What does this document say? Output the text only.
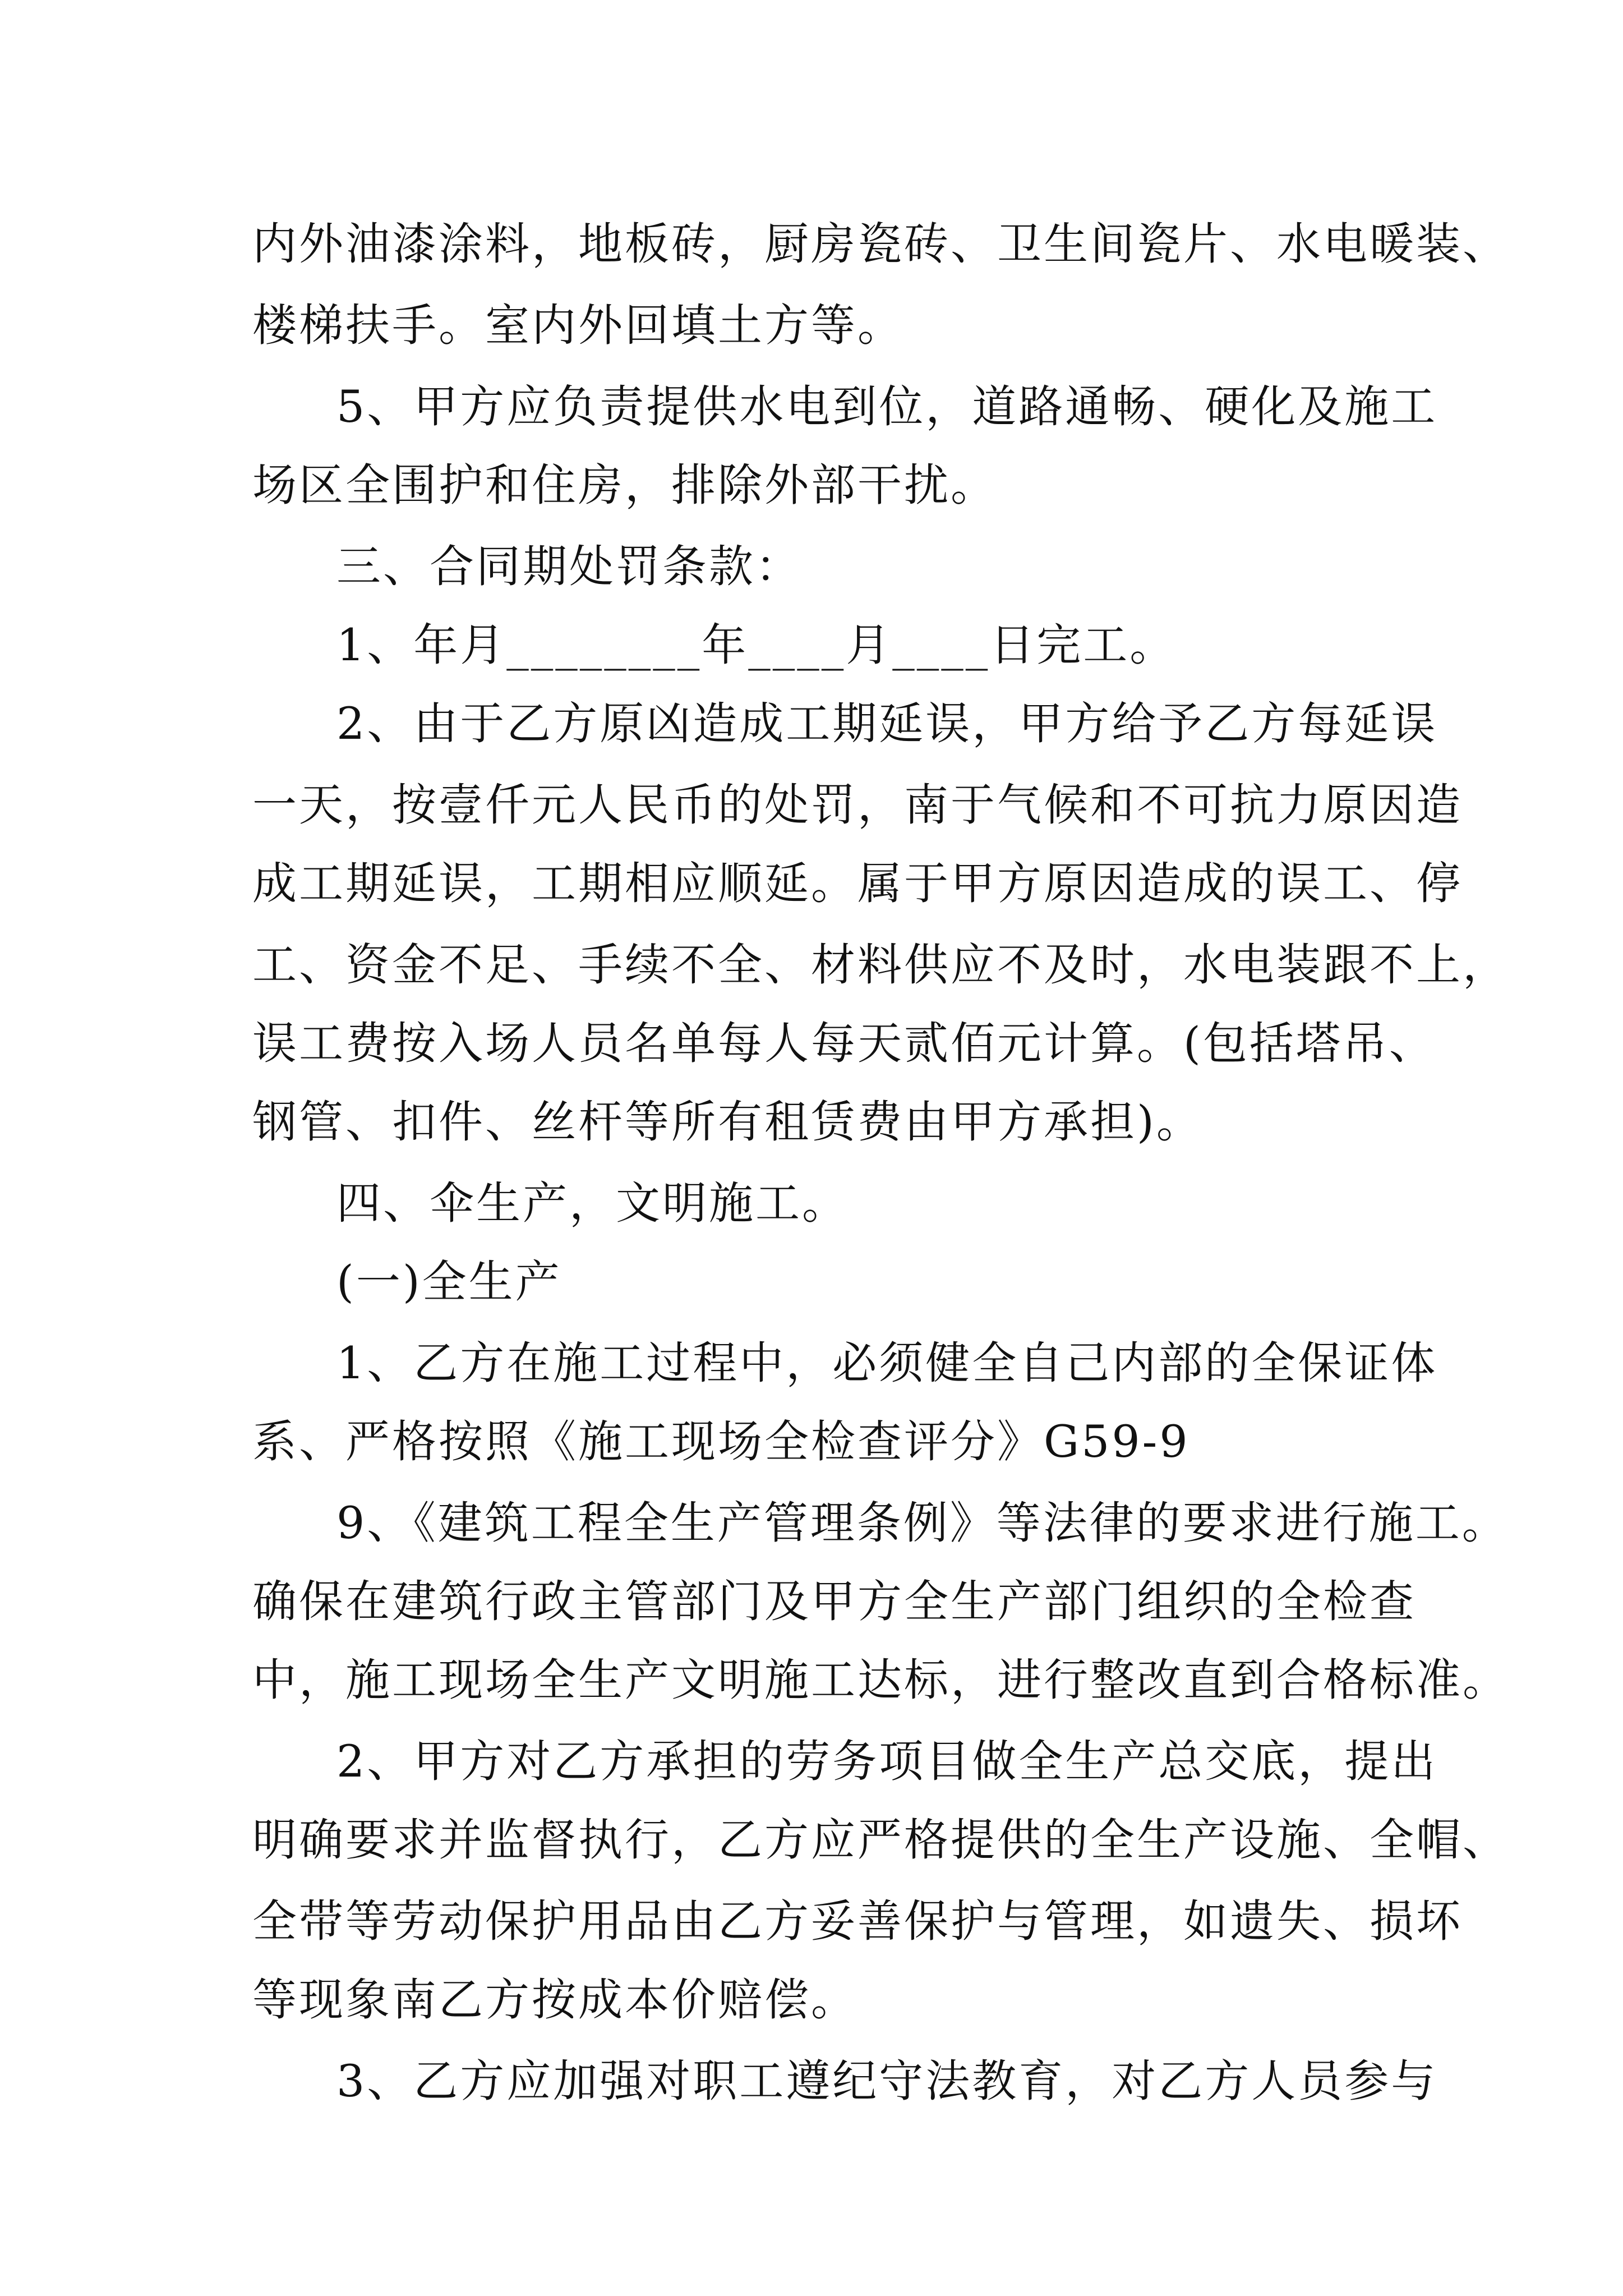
内外油漆涂料，地板砖，厨房瓷砖、卫生间瓷片、水电暖装、
楼梯扶手。室内外回填土方等。
5、甲方应负责提供水电到位，道路通畅、硬化及施工
场区全围护和住房，排除外部干扰。
三、合同期处罚条款：
1、年月________年____月____日完工。
2、由于乙方原凶造成工期延误，甲方给予乙方每延误
一天，按壹仟元人民币的处罚，南于气候和不可抗力原因造
成工期延误，工期相应顺延。属于甲方原因造成的误工、停
工、资金不足、手续不全、材料供应不及时，水电装跟不上，
误工费按入场人员名单每人每天贰佰元计算。(包括塔吊、
钢管、扣件、丝杆等所有租赁费由甲方承担)。
四、伞生产，文明施工。
(一)全生产
1、乙方在施工过程中，必须健全自己内部的全保证体
系、严格按照《施工现场全检查评分》G59-9
9、《建筑工程全生产管理条例》等法律的要求进行施工。
确保在建筑行政主管部门及甲方全生产部门组织的全检查
中，施工现场全生产文明施工达标，进行整改直到合格标准。
2、甲方对乙方承担的劳务项目做全生产总交底，提出
明确要求并监督执行，乙方应严格提供的全生产设施、全帽、
全带等劳动保护用品由乙方妥善保护与管理，如遗失、损坏
等现象南乙方按成本价赔偿。
3、乙方应加强对职工遵纪守法教育，对乙方人员参与
